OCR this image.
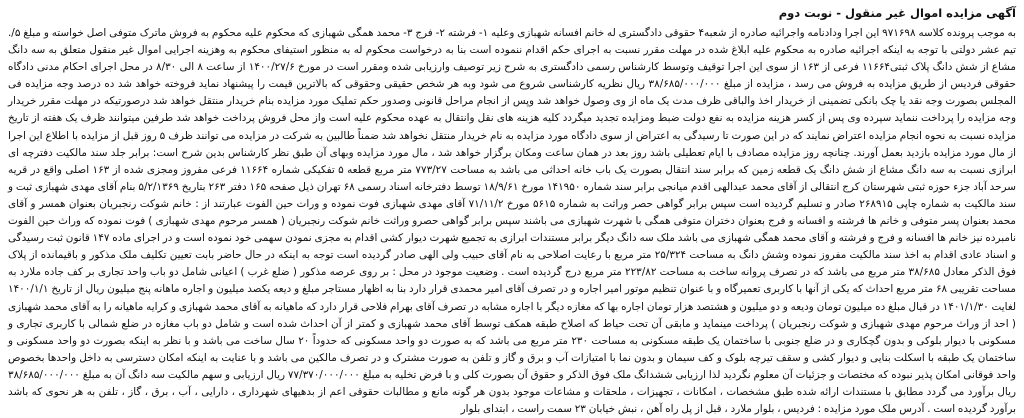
آگهی مزایده اموال غیر منقول - نوبت دوم

به موجب پرونده کلاسه ۹۷۱۶۹۸ این اجرا ودادنامه واجرائیه صادره از شعبه۴ حقوقی دادگستری له خانم افسانه شهبازی وعلیه ۱- فرشته ۲- فرج ۳- محمد همگی شهبازی که محکوم علیه محکوم به فروش ماترک متوفی اصل خواسته و مبلغ ۵/. تیم عشر دولتی با توجه به اینکه اجرائیه صادره به محکوم علیه ابلاغ شده در مهلت مقرر نسبت به اجرای حکم اقدام ننموده است بنا به درخواست محکوم له به منظور استیفای محکوم به وهزینه اجرایی اموال غیر منقول متعلق به سه دانگ مشاع از شش دانگ پلاک ثبتی۱۱۶۶۴ فرعی از ۱۶۳ از سوی این اجرا توقیف وتوسط کارشناس رسمی دادگستری به شرح زیر توصیف وارزیابی شده ومقرر است در مورخ ۱۴۰۰/۲۷/۶ از ساعت ۸ الی ۸/۳۰ در محل اجرای احکام مدنی دادگاه حقوقی فردیس از طریق مزایده به فروش می رسد ، مزایده از مبلغ ۳۸/۶۸۵/۰۰۰/۰۰۰ ریال نظریه کارشناسی شروع می شود وبه هر شخص حقیقی وحقوقی که بالاترین قیمت را پیشنهاد نماید فروخته خواهد شد ده درصد وجه مزایده فی المجلس بصورت وجه نقد یا چک بانکی تضمینی از خریدار اخذ والباقی ظرف مدت یک ماه از وی وصول خواهد شد وپس از انجام مراحل قانونی وصدور حکم تملیک مورد مزایده بنام خریدار منتقل خواهد شد درصورتیکه در مهلت مقرر خریدار وجه مزایده را پرداخت ننماید سپرده وی پس از کسر هزینه مزایده به نفع دولت ضبط ومزایده تجدید میگردد کلیه هزینه های نقل وانتقال به عهده محکوم علیه است واز محل فروش پرداخت خواهد شد طرفین میتوانند ظرف یک هفته از تاریخ مزایده نسبت به نحوه انجام مزایده اعتراض نمایند که در این صورت تا رسیدگی به اعتراض از سوی دادگاه مورد مزایده به نام خریدار منتقل نخواهد شد ضمناً طالبین به شرکت در مزایده می توانند ظرف ۵ روز قبل از مزایده با اطلاع این اجرا از مال مورد مزایده بازدید بعمل آورند. چنانچه روز مزایده مصادف با ایام تعطیلی باشد روز بعد در همان ساعت ومکان برگزار خواهد شد ، مال مورد مزایده وبهای آن طبق نظر کارشناس بدین شرح است: برابر جلد سند مالکیت دفترچه ای ابرازی نسبت به سه دانگ مشاع از شش دانگ یک قطعه زمین که برابر سند انتقال بصورت یک باب خانه احداثی می باشد به مساحت ۷۷۳/۲۷ متر مربع قطعه ۵ تفکیکی شماره ۱۱۶۶۴ فرعی مفروز ومجزی شده از ۱۶۳ اصلی واقع در قریه سرحد آباد جزء حوزه ثبتی شهرستان کرج انتقالی از آقای محمد عبدالهی اقدم میانجی برابر سند شماره ۱۴۱۹۵۰ مورخ ۱۸/۹/۶۱ توسط دفترخانه اسناد رسمی ۶۸ تهران ذیل صفحه ۱۶۵ دفتر ۲۶۳ بتاریخ ۵/۲/۱۳۶۹ بنام آقای مهدی شهبازی ثبت و سند مالکیت به شماره چاپی ۲۶۸۹۱۵ صادر و تسلیم گردیده است سپس برابر گواهی حصر وراثت به شماره ۵۶۱۵ مورخ ۷۱/۱۱/۲ آقای مهدی شهبازی فوت نموده و ورات حین الفوت عبارتند از : خانم شوکت رنجبریان بعنوان همسر و آقای محمد بعنوان پسر متوفی و خانم ها فرشته و افسانه و فرج بعنوان دختران متوفی همگی با شهرت شهبازی می باشند سپس برابر گواهی حصرو وراثت خانم شوکت رنجبریان ( همسر مرحوم مهدی شهبازی ) فوت نموده که وراث حین الفوت نامبرده نیز خانم ها افسانه و فرج و فرشته و آقای محمد همگی شهبازی می باشد ملک سه دانگ دیگر برابر مستندات ابرازی به تجمیع شهرت دیوار کشی اقدام به مجزی نمودن سهمی خود نموده است و در اجرای ماده ۱۴۷ قانون ثبت رسیدگی و اسناد عادی اقدام به اخذ سند مالکیت مفروز نموده وشش دانگ به مساحت ۲۵/۳۲۴ متر مربع با رعایت اصلاحی به نام آقای حبیب ولی الهی صادر گردیده است توجه به اینکه در حال حاضر بابت تعیین تکلیف ملک مذکور و باقیمانده از پلاک فوق الذکر معادل ۳۸/۶۸۵ متر مربع می باشد که در تصرف پروانه ساخت به مساحت ۲۲۳/۸۲ متر مربع درج گردیده است . وضعیت موجود در محل : بر روی عرصه مذکور ( ضلع غرب ) اعیانی شامل دو باب واحد تجاری بر کف جاده ملارد به مساحت تقریبی ۶۸ متر مربع احداث که یکی از آنها با کاربری تعمیرگاه و با عنوان تنظیم موتور امیر اجاره و در تصرف آقای امیر محمدی قرار دارد بنا به اظهار مستاجر مبلغ و دیعه یکصد میلیون و اجاره ماهانه پنج میلیون ریال از تاریخ ۱۴۰۰/۱/۱ لغایت ۱۴۰۱/۱/۳۰ در قبال مبلغ ده میلیون تومان ودیعه و دو میلیون و هشتصد هزار تومان اجاره بها که مغازه دیگر با اجاره مشابه در تصرف آقای بهرام فلاحی قرار دارد که ماهیانه به آقای محمد شهبازی و کرایه ماهیانه را به آقای محمد شهبازی ( احد از وراث مرحوم مهدی شهبازی و شوکت رنجبریان ) پرداخت مینماید و مابقی آن تحت حیاط که اصلاح طبقه همکف توسط آقای محمد شهبازی و کمتر از آن احداث شده است و شامل دو باب مغازه در ضلع شمالی با کاربری تجاری و مسکونی با دیوار بلوکی و بدون گچکاری و در ضلع جنوبی با ساختمان یک طبقه مسکونی به مساحت ۲۳۰ متر مربع می باشد که به صورت دو واحد مسکونی که حدوداً ۲۰ سال ساخت می باشد و با نظر به اینکه بصورت دو واحد مسکونی و ساختمان یک طبقه با اسکلت بنایی و دیوار کشی و سقف تیرچه بلوک و کف سیمان و بدون نما با امتیازات آب و برق و گاز و تلفن به صورت مشترک و در تصرف مالکین می باشد و با عنایت به اینکه امکان دسترسی به داخل واحدها بخصوص واحد فوقانی امکان پذیر نبوده که مختصات و جزئیات آن معلوم نگردید لذا ارزیابی ششدانگ ملک فوق الذکر و حقوق آن بصورت کلی و با فرض تخلیه به مبلغ ۷۷/۳۷۰/۰۰۰/۰۰۰ ریال ارزیابی و سهم مالکیت سه دانگ آن به مبلغ ۳۸/۶۸۵/۰۰۰/۰۰۰ ریال برآورد می گردد مطابق با مستندات ارائه شده طبق مشخصات ، امکانات ، تجهیزات ، ملحقات و مشاعات موجود بدون هر گونه مانع و مطالبات حقوقی اعم از بدهیهای شهرداری ، دارایی ، آب ، برق ، گاز ، تلفن به هر نحوی که باشد برآورد گردیده است . آدرس ملک مورد مزایده : فردیس ، بلوار ملارد ، قبل از پل راه آهن ، نبش خیابان ۲۳ سمت راست ، ابتدای بلوار
